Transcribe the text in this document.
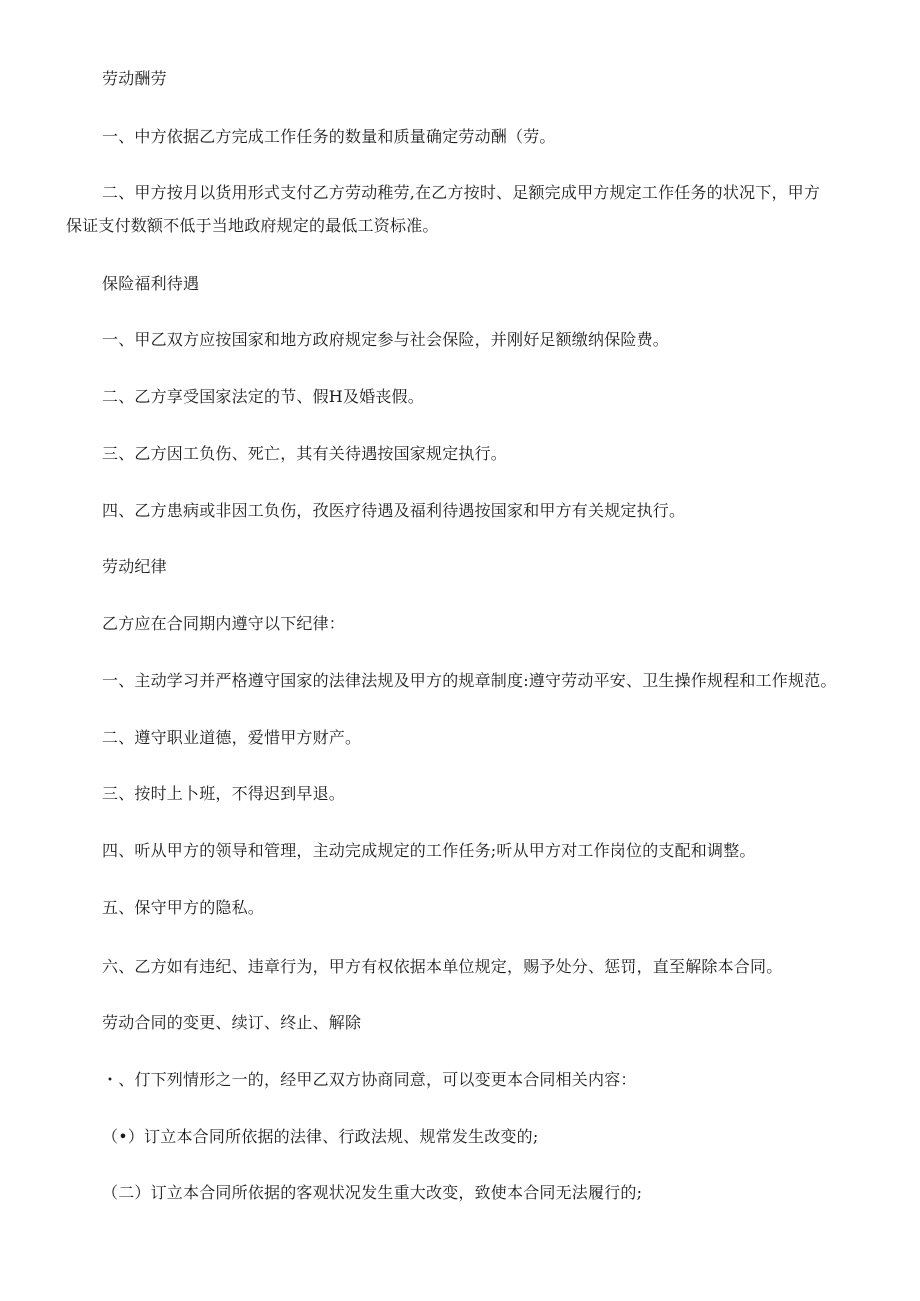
劳动酬劳
一、中方依据乙方完成工作任务的数量和质量确定劳动酬（劳。
二、甲方按月以货用形式支付乙方劳动稚劳,在乙方按时、足额完成甲方规定工作任务的状况下，甲方
保证支付数额不低于当地政府规定的最低工资标准。
保险福利待遇
一、甲乙双方应按国家和地方政府规定参与社会保险，并刚好足额缴纳保险费。
二、乙方享受国家法定的节、假H及婚丧假。
三、乙方因工负伤、死亡，其有关待遇按国家规定执行。
四、乙方患病或非因工负伤，孜医疗待遇及福利待遇按国家和甲方有关规定执行。
劳动纪律
乙方应在合同期内遵守以下纪律：
一、主动学习并严格遵守国家的法律法规及甲方的规章制度:遵守劳动平安、卫生操作规程和工作规范。
二、遵守职业道德，爱惜甲方财产。
三、按时上卜班，不得迟到早退。
四、听从甲方的领导和管理，主动完成规定的工作任务;听从甲方对工作岗位的支配和调整。
五、保守甲方的隐私。
六、乙方如有违纪、违章行为，甲方有权依据本单位规定，赐予处分、惩罚，直至解除本合同。
劳动合同的变更、续订、终止、解除
・、仃下列情形之一的，经甲乙双方协商同意，可以变更本合同相关内容：
（•）订立本合同所依据的法律、行政法规、规常发生改变的;
（二）订立本合同所依据的客观状况发生重大改变，致使本合同无法履行的;
